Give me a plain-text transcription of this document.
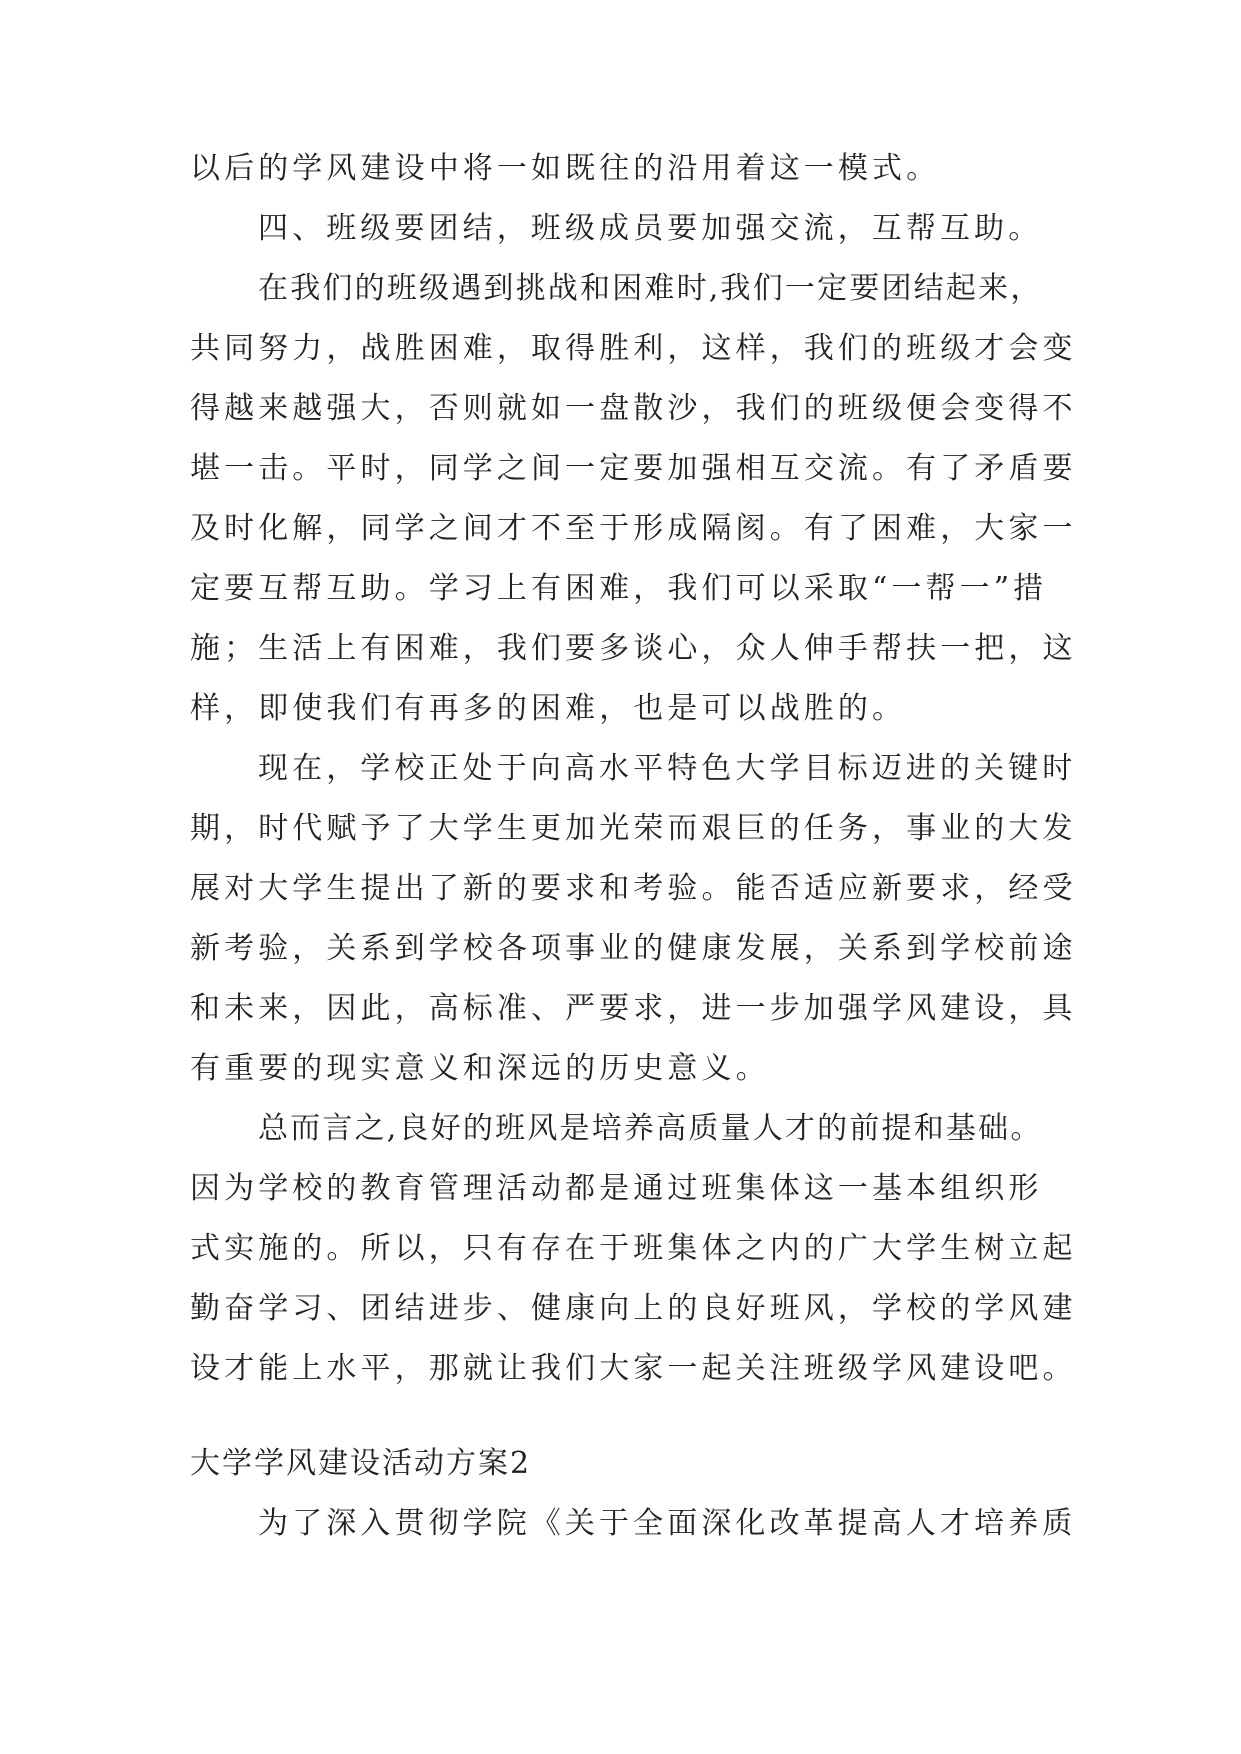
以后的学风建设中将一如既往的沿用着这一模式。
四、班级要团结，班级成员要加强交流，互帮互助。
在我们的班级遇到挑战和困难时,我们一定要团结起来，
共同努力，战胜困难，取得胜利，这样，我们的班级才会变
得越来越强大，否则就如一盘散沙，我们的班级便会变得不
堪一击。平时，同学之间一定要加强相互交流。有了矛盾要
及时化解，同学之间才不至于形成隔阂。有了困难，大家一
定要互帮互助。学习上有困难，我们可以采取“一帮一”措
施；生活上有困难，我们要多谈心，众人伸手帮扶一把，这
样，即使我们有再多的困难，也是可以战胜的。
现在，学校正处于向高水平特色大学目标迈进的关键时
期，时代赋予了大学生更加光荣而艰巨的任务，事业的大发
展对大学生提出了新的要求和考验。能否适应新要求，经受
新考验，关系到学校各项事业的健康发展，关系到学校前途
和未来，因此，高标准、严要求，进一步加强学风建设，具
有重要的现实意义和深远的历史意义。
总而言之,良好的班风是培养高质量人才的前提和基础。
因为学校的教育管理活动都是通过班集体这一基本组织形
式实施的。所以，只有存在于班集体之内的广大学生树立起
勤奋学习、团结进步、健康向上的良好班风，学校的学风建
设才能上水平，那就让我们大家一起关注班级学风建设吧。
大学学风建设活动方案2
为了深入贯彻学院《关于全面深化改革提高人才培养质
